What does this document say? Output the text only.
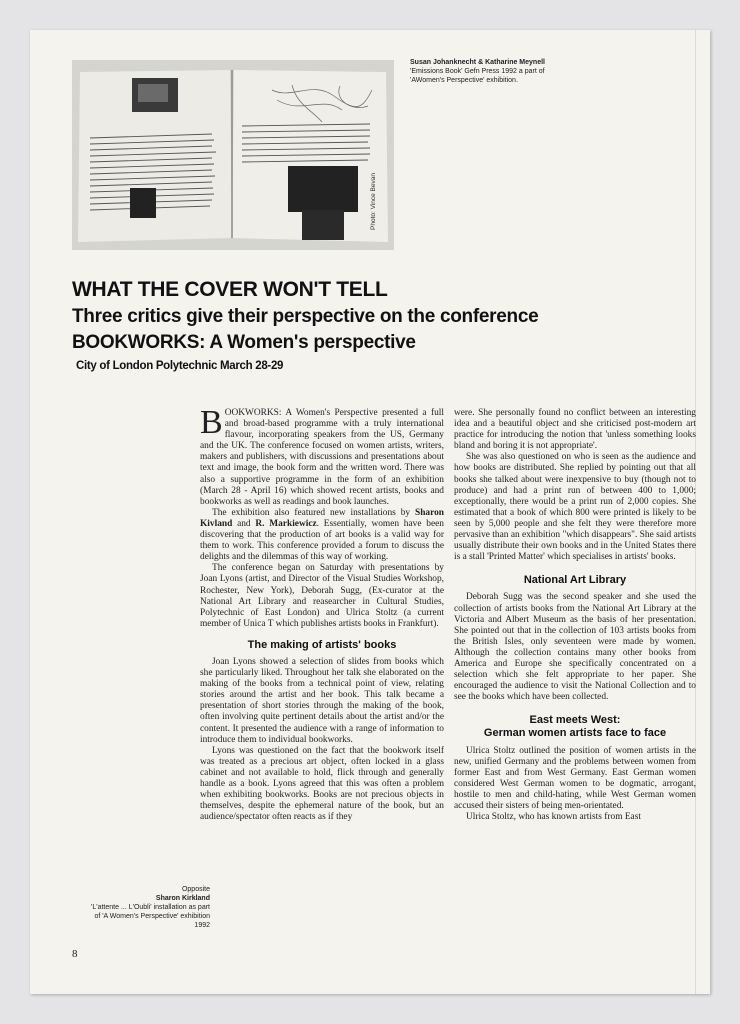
Susan Johanknecht & Katharine Meynell
'Emissions Book' Gefn Press 1992 a part of
'AWomen's Perspective' exhibition.
Photo: Vince Bevan
WHAT THE COVER WON'T TELL
Three critics give their perspective on the conference
BOOKWORKS: A Women's perspective
City of London Polytechnic March 28-29

BOOKWORKS: A Women's Perspective presented a full and broad-based programme with a truly international flavour, incorporating speakers from the US, Germany and the UK. The conference focused on women artists, writers, makers and publishers, with discussions and presentations about text and image, the book form and the written word. There was also a supportive programme in the form of an exhibition (March 28 - April 16) which showed recent artists, books and bookworks as well as readings and book launches.

The exhibition also featured new installations by Sharon Kivland and R. Markiewicz. Essentially, women have been discovering that the production of art books is a valid way for them to work. This conference provided a forum to discuss the delights and the dilemmas of this way of working.

The conference began on Saturday with presentations by Joan Lyons (artist, and Director of the Visual Studies Workshop, Rochester, New York), Deborah Sugg, (Ex-curator at the National Art Library and reasearcher in Cultural Studies, Polytechnic of East London) and Ulrica Stoltz (a current member of Unica T which publishes artists books in Frankfurt).

The making of artists' books

Joan Lyons showed a selection of slides from books which she particularly liked. Throughout her talk she elaborated on the making of the books from a technical point of view, relating stories around the artist and her book. This talk became a presentation of short stories through the making of the book, often involving quite pertinent details about the artist and/or the content. It presented the audience with a range of information to introduce them to individual bookworks.

Lyons was questioned on the fact that the bookwork itself was treated as a precious art object, often locked in a glass cabinet and not available to hold, flick through and generally handle as a book. Lyons agreed that this was often a problem when exhibiting bookworks. Books are not precious objects in themselves, despite the ephemeral nature of the book, but an audience/spectator often reacts as if they

were. She personally found no conflict between an interesting idea and a beautiful object and she criticised post-modern art practice for introducing the notion that 'unless something looks bland and boring it is not appropriate'.

She was also questioned on who is seen as the audience and how books are distributed. She replied by pointing out that all books she talked about were inexpensive to buy (though not to produce) and had a print run of between 400 to 1,000; exceptionally, there would be a print run of 2,000 copies. She estimated that a book of which 800 were printed is likely to be seen by 5,000 people and she felt they were therefore more pervasive than an exhibition "which disappears". She said artists usually distribute their own books and in the United States there is a stall 'Printed Matter' which specialises in artists' books.

National Art Library

Deborah Sugg was the second speaker and she used the collection of artists books from the National Art Library at the Victoria and Albert Museum as the basis of her presentation. She pointed out that in the collection of 103 artists books from the British Isles, only seventeen were made by women. Although the collection contains many other books from America and Europe she specifically concentrated on a selection which she felt appropriate to her paper. She encouraged the audience to visit the National Collection and to see the books which have been collected.

East meets West:
German women artists face to face

Ulrica Stoltz outlined the position of women artists in the new, unified Germany and the problems between women from former East and from West Germany. East German women considered West German women to be dogmatic, arrogant, hostile to men and child-hating, while West German women accused their sisters of being men-orientated.

Ulrica Stoltz, who has known artists from East

Opposite
Sharon Kirkland
'L'attente ... L'Oubli' installation as part
of 'A Women's Perspective' exhibition
1992
8
